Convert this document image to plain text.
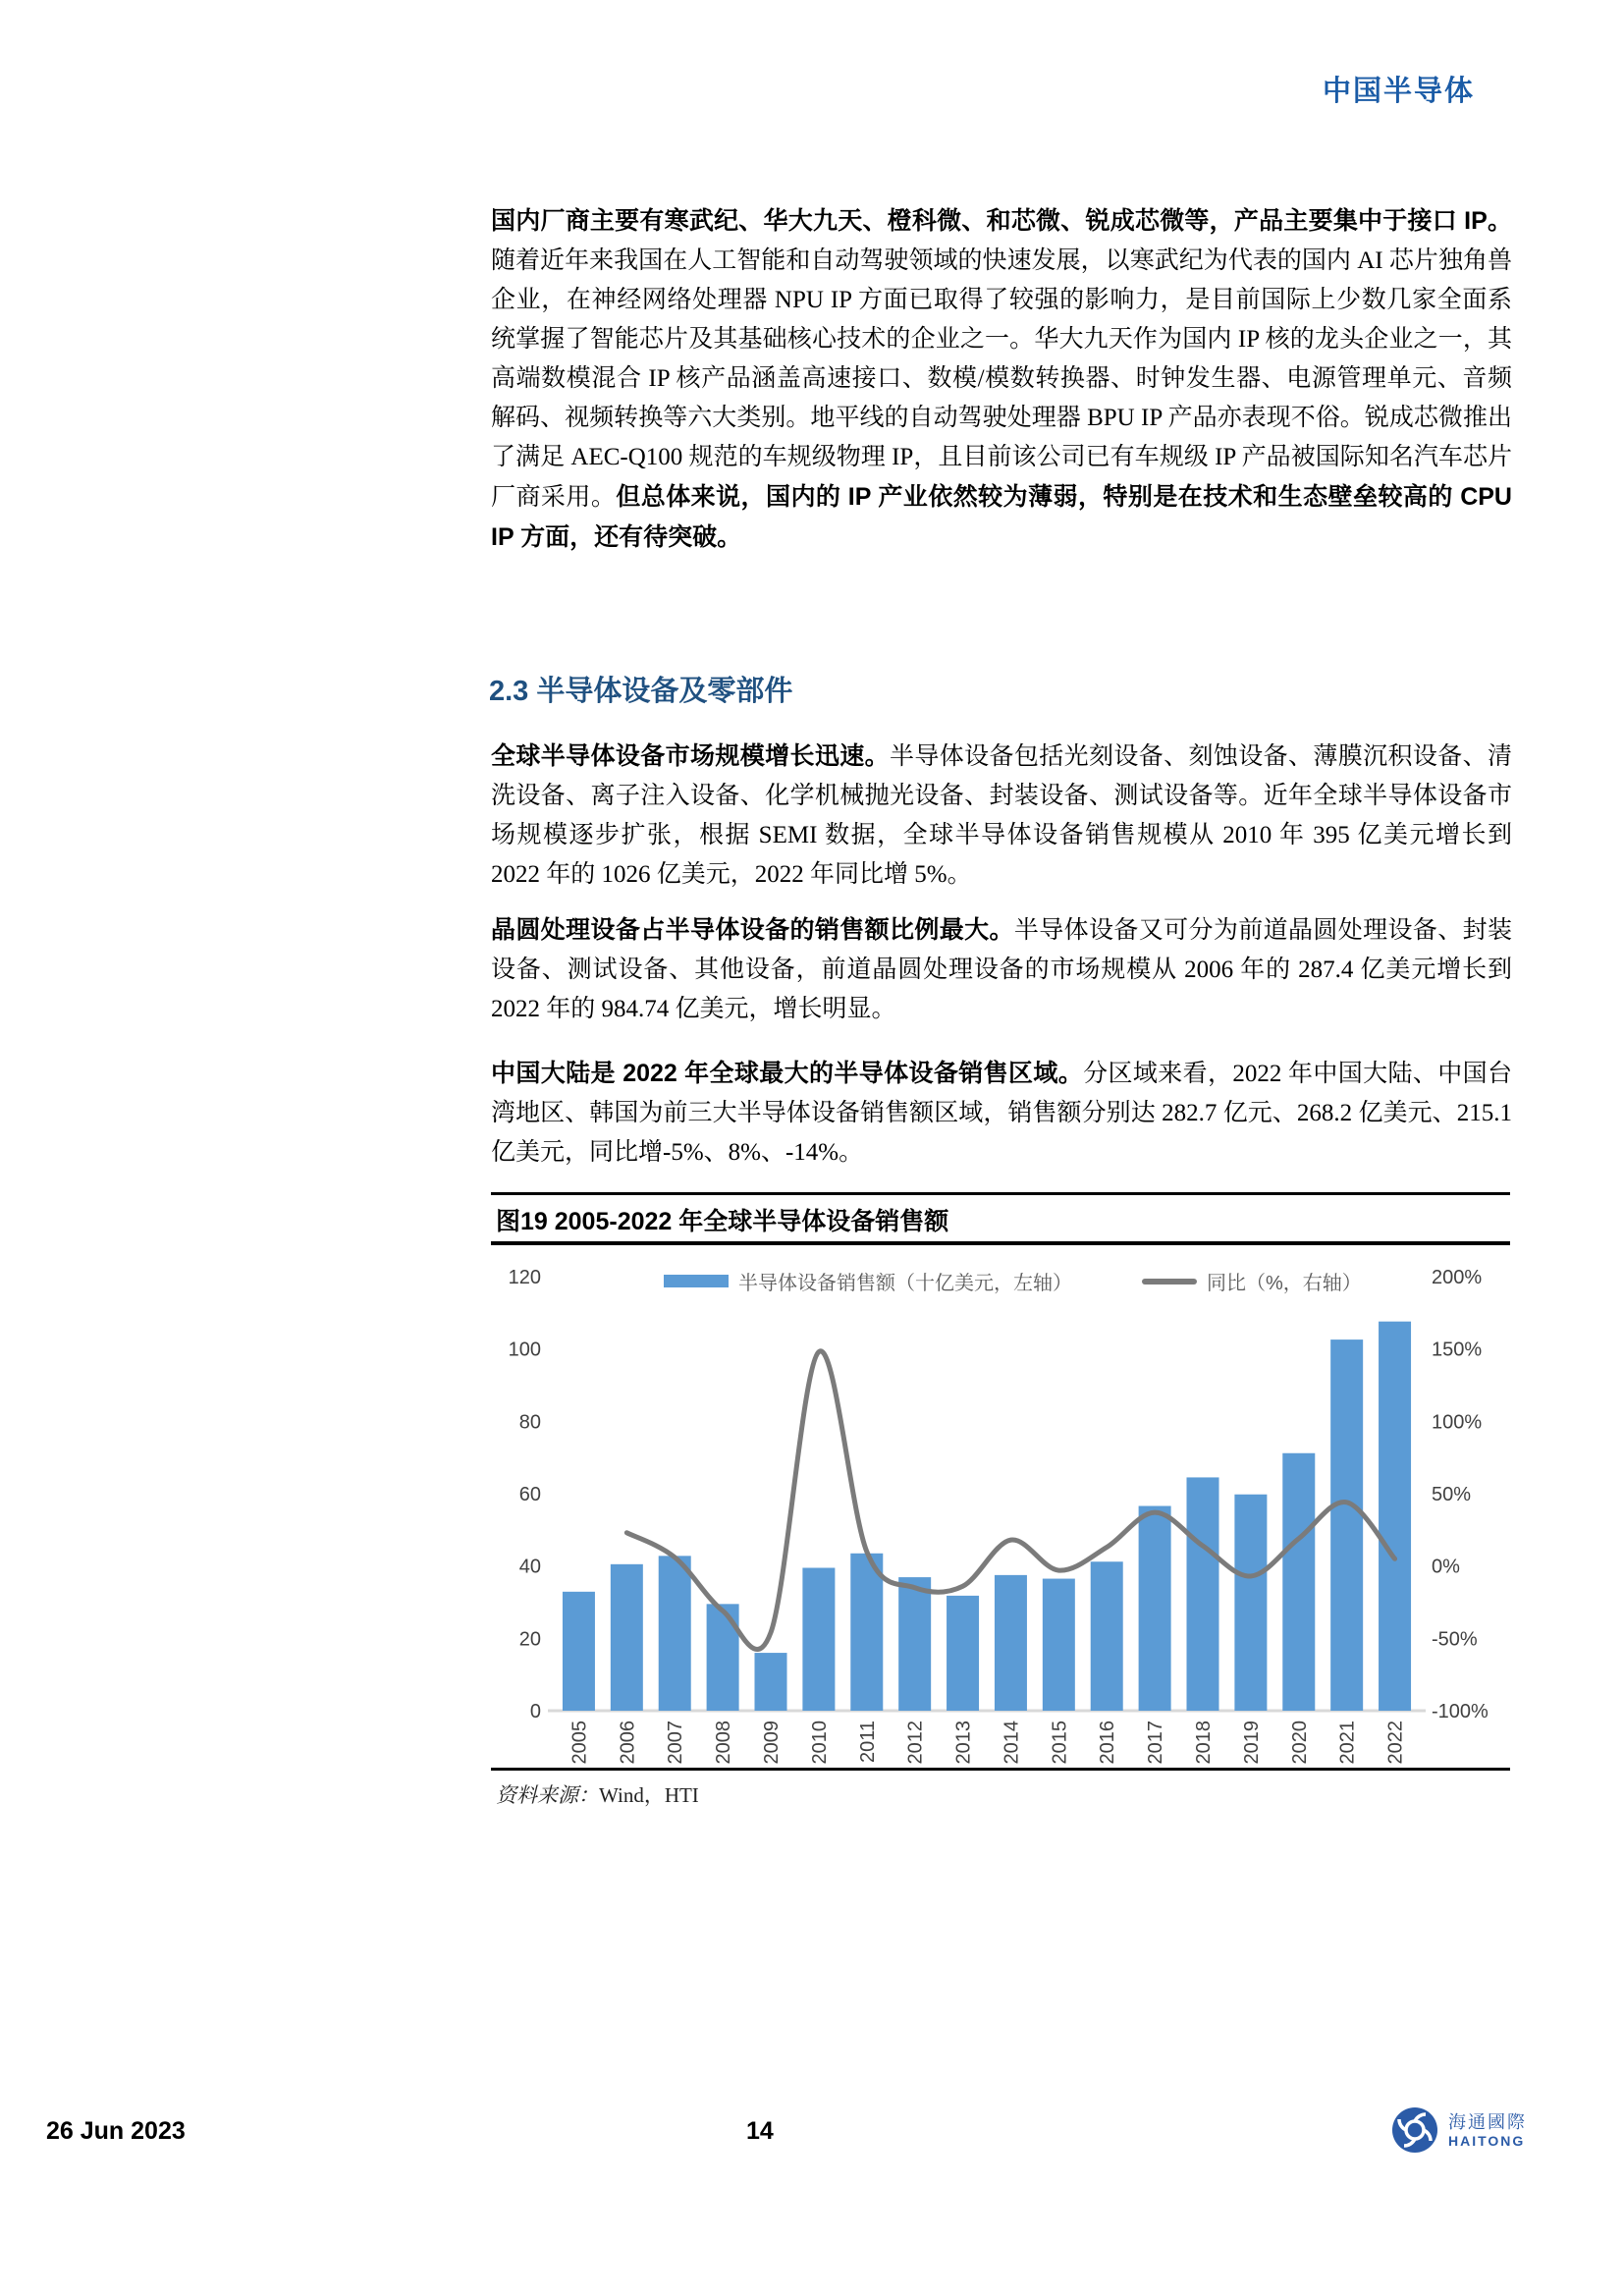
中国半导体

国内厂商主要有寒武纪、华大九天、橙科微、和芯微、锐成芯微等，产品主要集中于接口 IP。随着近年来我国在人工智能和自动驾驶领域的快速发展，以寒武纪为代表的国内 AI 芯片独角兽企业，在神经网络处理器 NPU IP 方面已取得了较强的影响力，是目前国际上少数几家全面系统掌握了智能芯片及其基础核心技术的企业之一。华大九天作为国内 IP 核的龙头企业之一，其高端数模混合 IP 核产品涵盖高速接口、数模/模数转换器、时钟发生器、电源管理单元、音频解码、视频转换等六大类别。地平线的自动驾驶处理器 BPU IP 产品亦表现不俗。锐成芯微推出了满足 AEC-Q100 规范的车规级物理 IP，且目前该公司已有车规级 IP 产品被国际知名汽车芯片厂商采用。但总体来说，国内的 IP 产业依然较为薄弱，特别是在技术和生态壁垒较高的 CPU IP 方面，还有待突破。

2.3 半导体设备及零部件

全球半导体设备市场规模增长迅速。半导体设备包括光刻设备、刻蚀设备、薄膜沉积设备、清洗设备、离子注入设备、化学机械抛光设备、封装设备、测试设备等。近年全球半导体设备市场规模逐步扩张，根据 SEMI 数据，全球半导体设备销售规模从 2010 年 395 亿美元增长到 2022 年的 1026 亿美元，2022 年同比增 5%。

晶圆处理设备占半导体设备的销售额比例最大。半导体设备又可分为前道晶圆处理设备、封装设备、测试设备、其他设备，前道晶圆处理设备的市场规模从 2006 年的 287.4 亿美元增长到 2022 年的 984.74 亿美元，增长明显。

中国大陆是 2022 年全球最大的半导体设备销售区域。分区域来看，2022 年中国大陆、中国台湾地区、韩国为前三大半导体设备销售额区域，销售额分别达 282.7 亿元、268.2 亿美元、215.1 亿美元，同比增-5%、8%、-14%。

图19 2005-2022 年全球半导体设备销售额
0
20
40
60
80
100
120
-100%
-50%
0%
50%
100%
150%
200%
2005 2006 2007 2008 2009 2010 2011 2012 2013 2014 2015 2016 2017 2018 2019 2020 2021 2022
半导体设备销售额（十亿美元，左轴）	同比（%，右轴）
资料来源：Wind，HTI
26 Jun 2023	14	海通國際
HAITONG
